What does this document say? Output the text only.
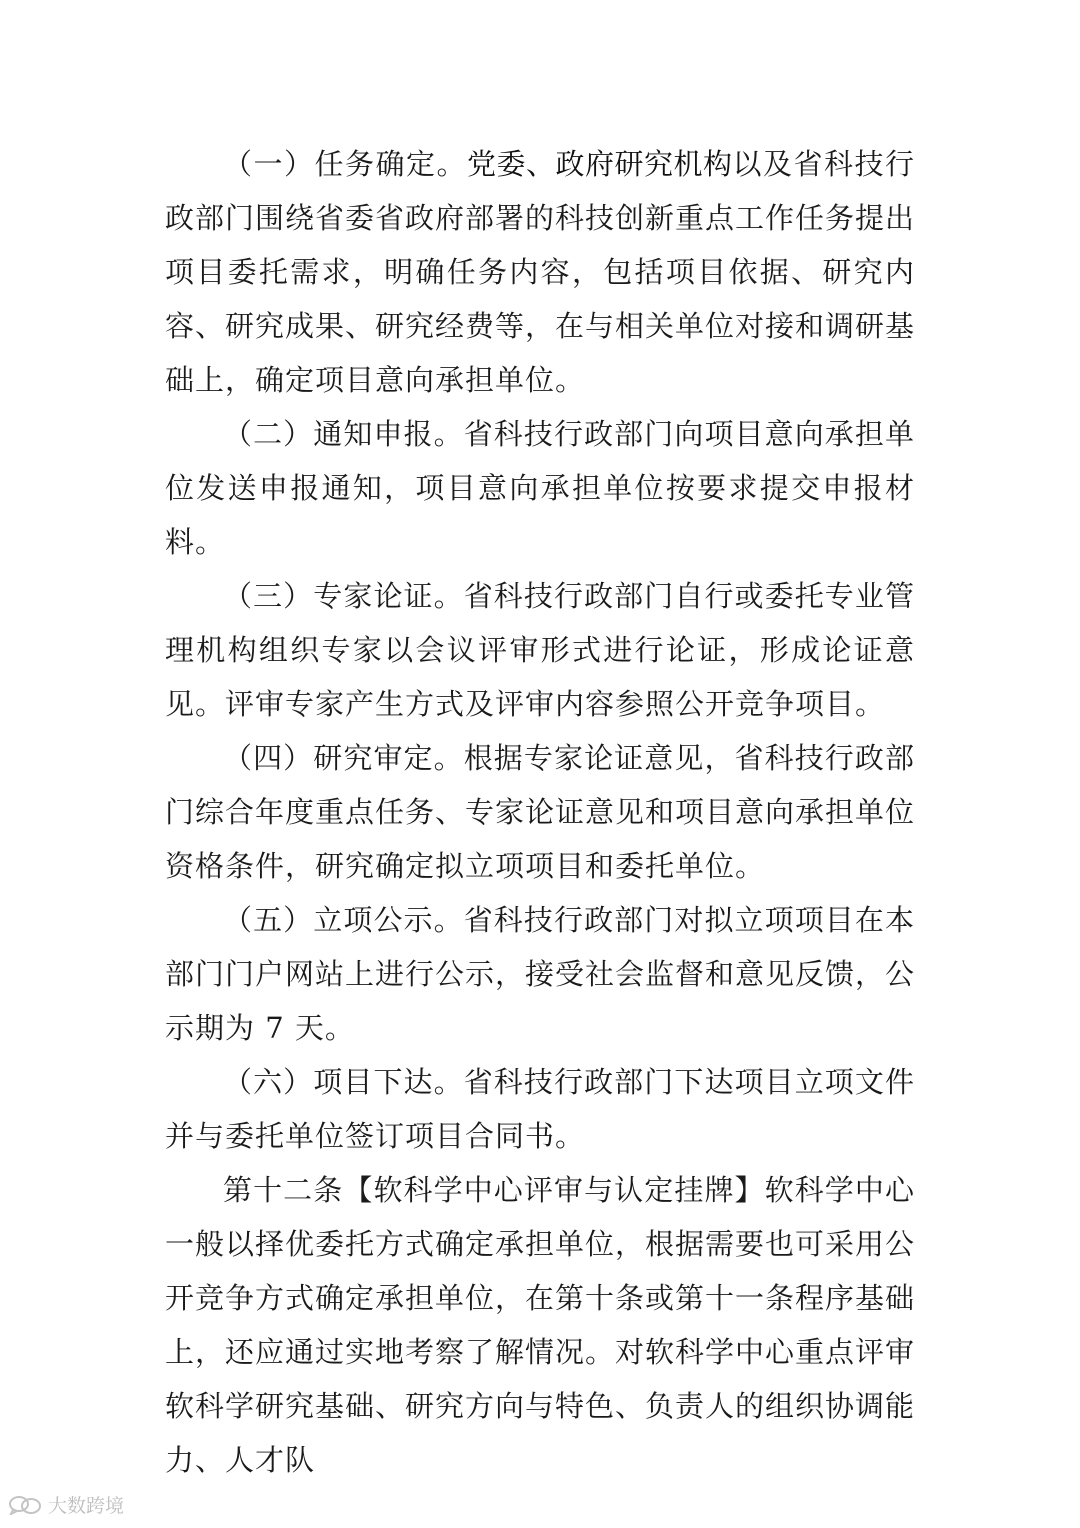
（一）任务确定。党委、政府研究机构以及省科技行政部门围绕省委省政府部署的科技创新重点工作任务提出项目委托需求，明确任务内容，包括项目依据、研究内容、研究成果、研究经费等，在与相关单位对接和调研基础上，确定项目意向承担单位。

（二）通知申报。省科技行政部门向项目意向承担单位发送申报通知，项目意向承担单位按要求提交申报材料。

（三）专家论证。省科技行政部门自行或委托专业管理机构组织专家以会议评审形式进行论证，形成论证意见。评审专家产生方式及评审内容参照公开竞争项目。

（四）研究审定。根据专家论证意见，省科技行政部门综合年度重点任务、专家论证意见和项目意向承担单位资格条件，研究确定拟立项项目和委托单位。

（五）立项公示。省科技行政部门对拟立项项目在本部门门户网站上进行公示，接受社会监督和意见反馈，公示期为 7 天。

（六）项目下达。省科技行政部门下达项目立项文件并与委托单位签订项目合同书。

第十二条【软科学中心评审与认定挂牌】软科学中心一般以择优委托方式确定承担单位，根据需要也可采用公开竞争方式确定承担单位，在第十条或第十一条程序基础上，还应通过实地考察了解情况。对软科学中心重点评审软科学研究基础、研究方向与特色、负责人的组织协调能力、人才队

大数跨境
